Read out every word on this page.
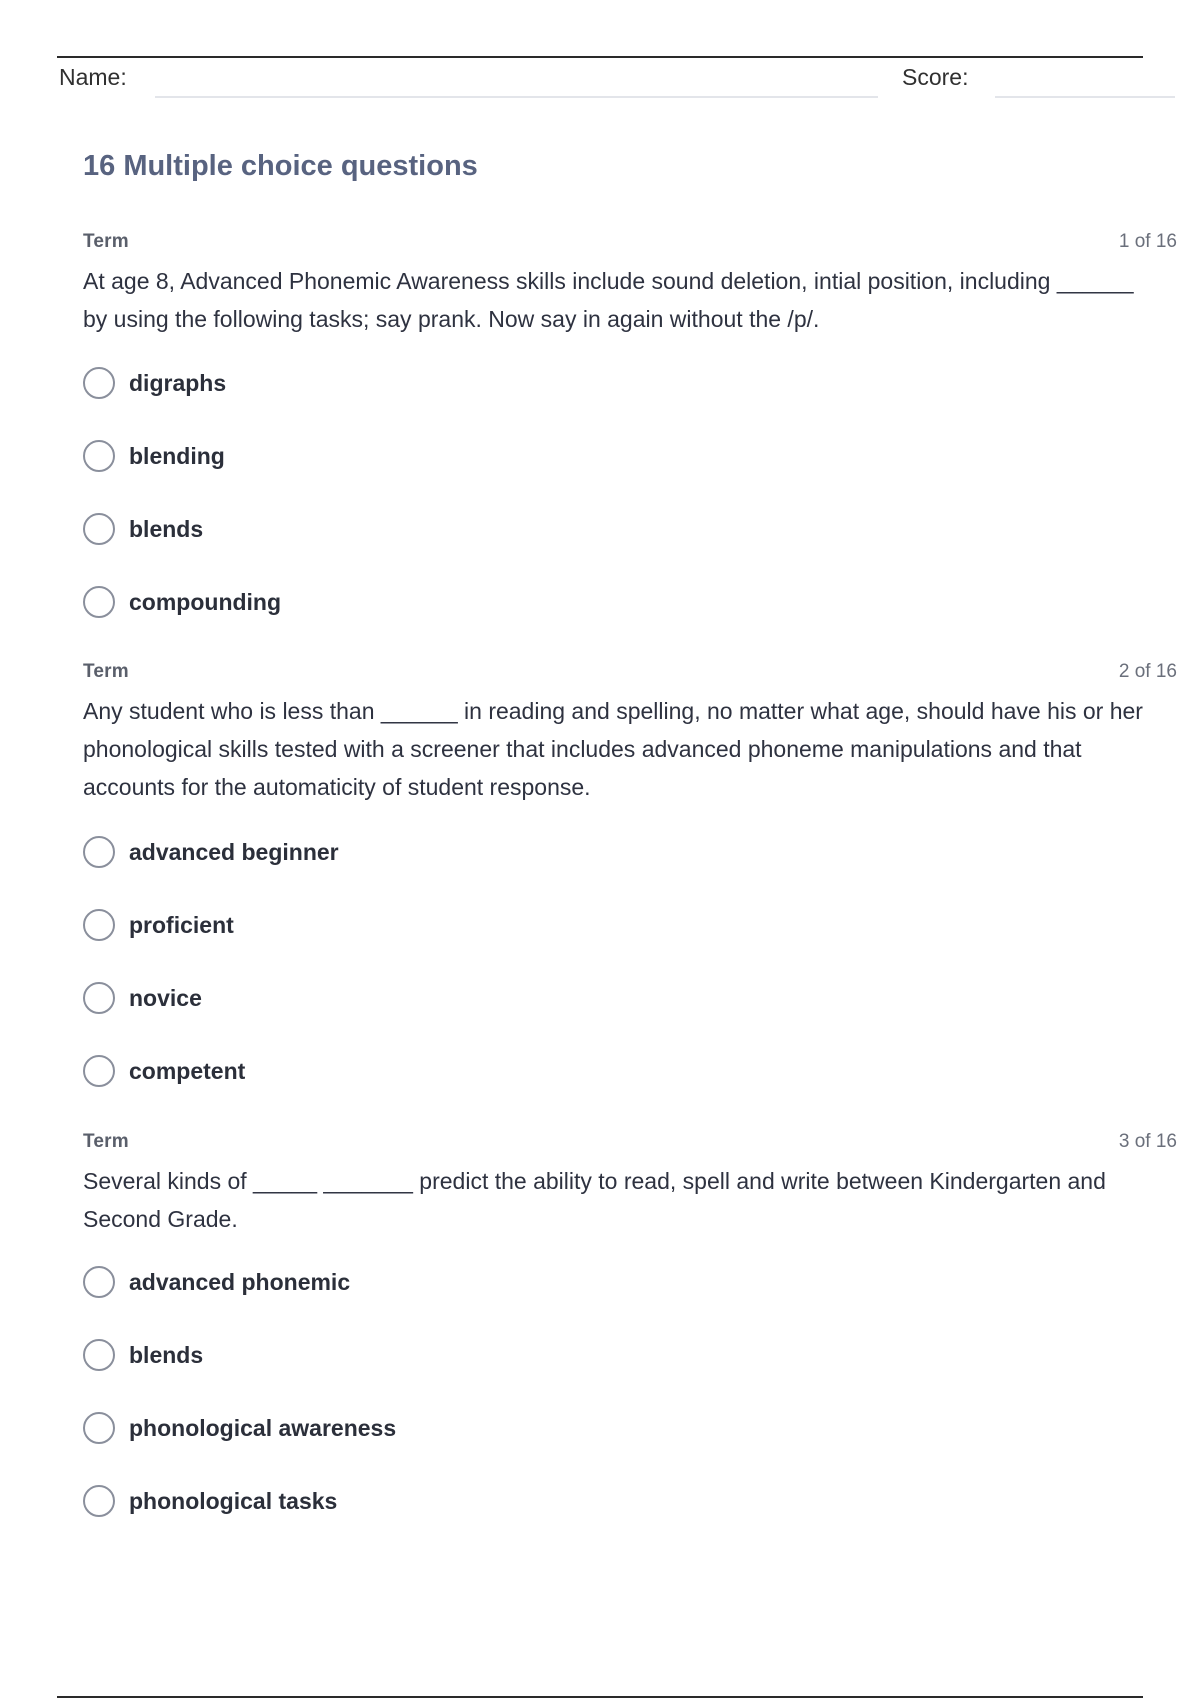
Name:	Score:
16 Multiple choice questions
Term	1 of 16
At age 8, Advanced Phonemic Awareness skills include sound deletion, intial position, including ______ by using the following tasks; say prank. Now say in again without the /p/.
digraphs
blending
blends
compounding
Term	2 of 16
Any student who is less than ______ in reading and spelling, no matter what age, should have his or her phonological skills tested with a screener that includes advanced phoneme manipulations and that accounts for the automaticity of student response.
advanced beginner
proficient
novice
competent
Term	3 of 16
Several kinds of _____ _______ predict the ability to read, spell and write between Kindergarten and Second Grade.
advanced phonemic
blends
phonological awareness
phonological tasks
